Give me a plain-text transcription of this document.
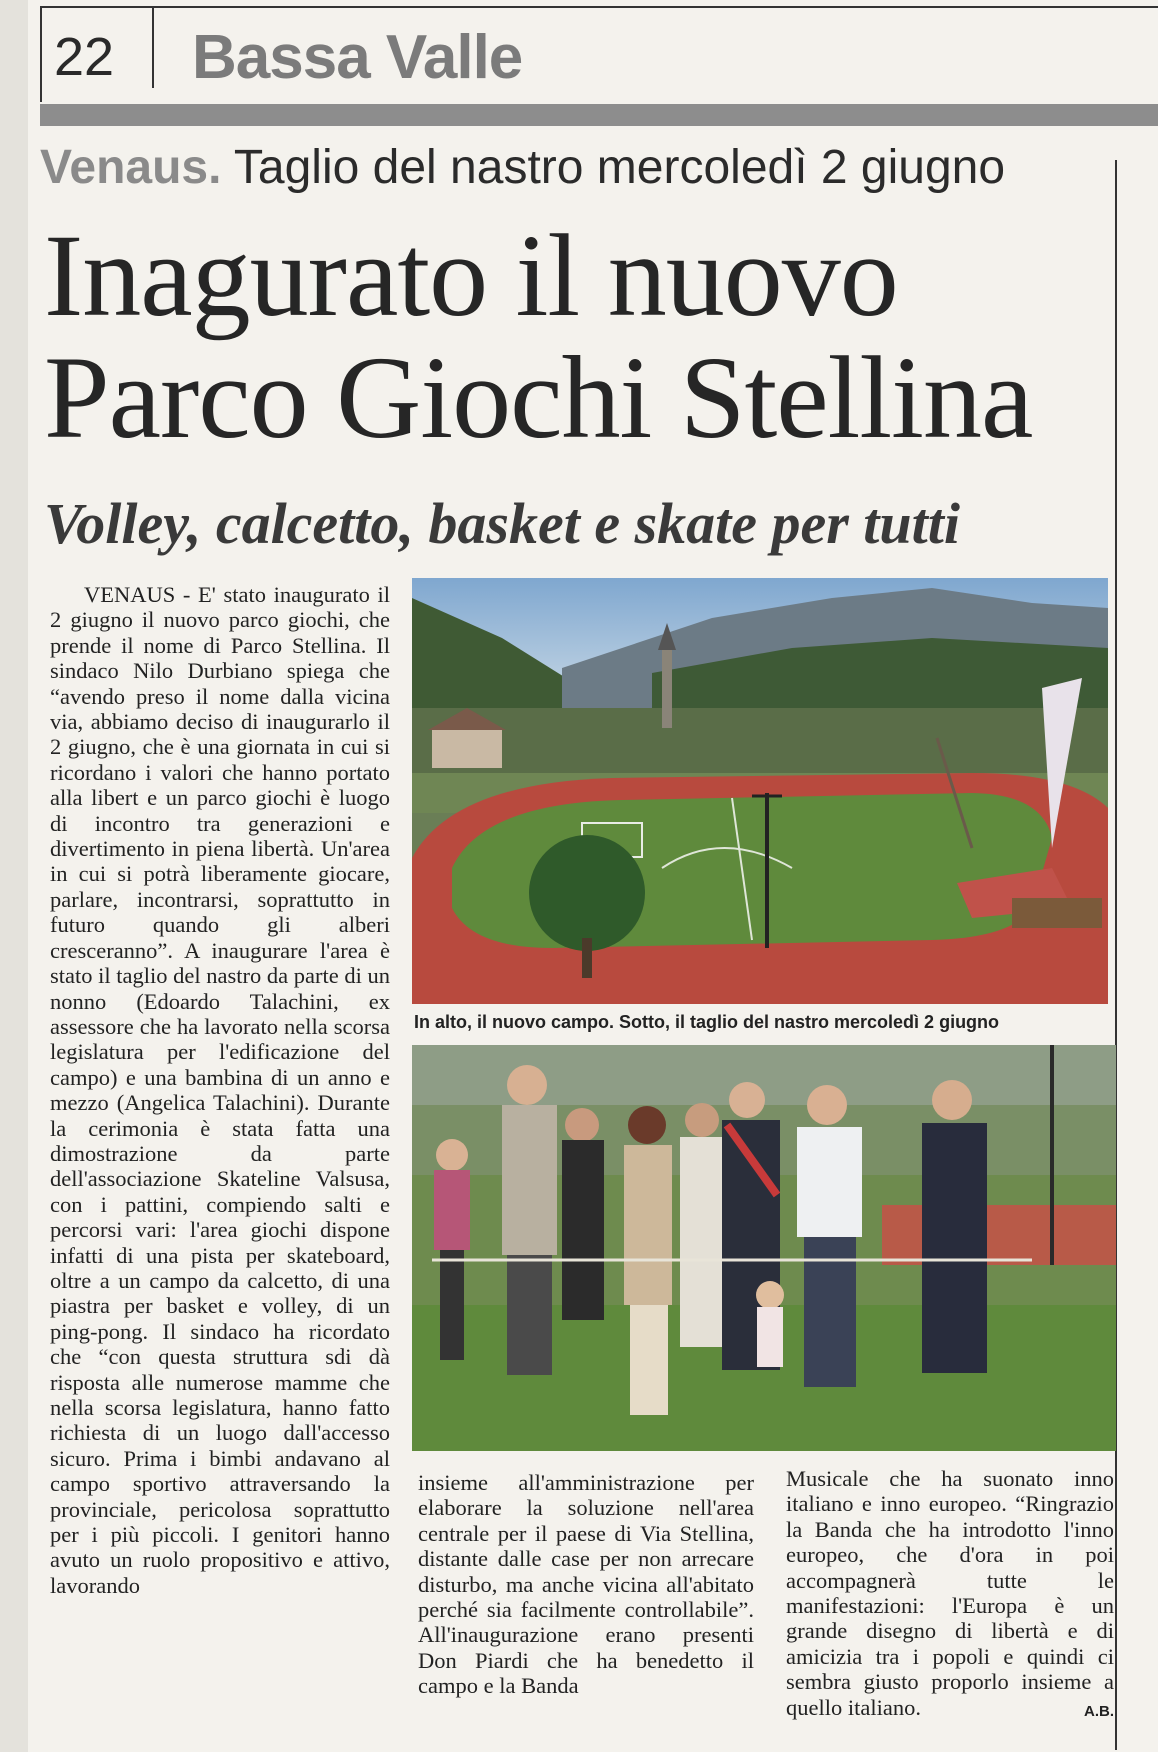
22 Bassa Valle
Venaus. Taglio del nastro mercoledì 2 giugno
Inagurato il nuovo
Parco Giochi Stellina
Volley, calcetto, basket e skate per tutti
VENAUS - E' stato inaugurato il 2 giugno il nuovo parco giochi, che prende il nome di Parco Stellina. Il sindaco Nilo Durbiano spiega che “avendo preso il nome dalla vicina via, abbiamo deciso di inaugurarlo il 2 giugno, che è una giornata in cui si ricordano i valori che hanno portato alla libert e un parco giochi è luogo di incontro tra generazioni e divertimento in piena libertà. Un'area in cui si potrà liberamente giocare, parlare, incontrarsi, soprattutto in futuro quando gli alberi cresceranno”. A inaugurare l'area è stato il taglio del nastro da parte di un nonno (Edoardo Talachini, ex assessore che ha lavorato nella scorsa legislatura per l'edificazione del campo) e una bambina di un anno e mezzo (Angelica Talachini). Durante la cerimonia è stata fatta una dimostrazione da parte dell'associazione Skateline Valsusa, con i pattini, compiendo salti e percorsi vari: l'area giochi dispone infatti di una pista per skateboard, oltre a un campo da calcetto, di una piastra per basket e volley, di un ping-pong. Il sindaco ha ricordato che “con questa struttura sdi dà risposta alle numerose mamme che nella scorsa legislatura, hanno fatto richiesta di un luogo dall'accesso sicuro. Prima i bimbi andavano al campo sportivo attraversando la provinciale, pericolosa soprattutto per i più piccoli. I genitori hanno avuto un ruolo propositivo e attivo, lavorando
In alto, il nuovo campo. Sotto, il taglio del nastro mercoledì 2 giugno
insieme all'amministrazione per elaborare la soluzione nell'area centrale per il paese di Via Stellina, distante dalle case per non arrecare disturbo, ma anche vicina all'abitato perché sia facilmente controllabile”. All'inaugurazione erano presenti Don Piardi che ha benedetto il campo e la Banda
Musicale che ha suonato inno italiano e inno europeo. “Ringrazio la Banda che ha introdotto l'inno europeo, che d'ora in poi accompagnerà tutte le manifestazioni: l'Europa è un grande disegno di libertà e di amicizia tra i popoli e quindi ci sembra giusto proporlo insieme a quello italiano.	A.B.
